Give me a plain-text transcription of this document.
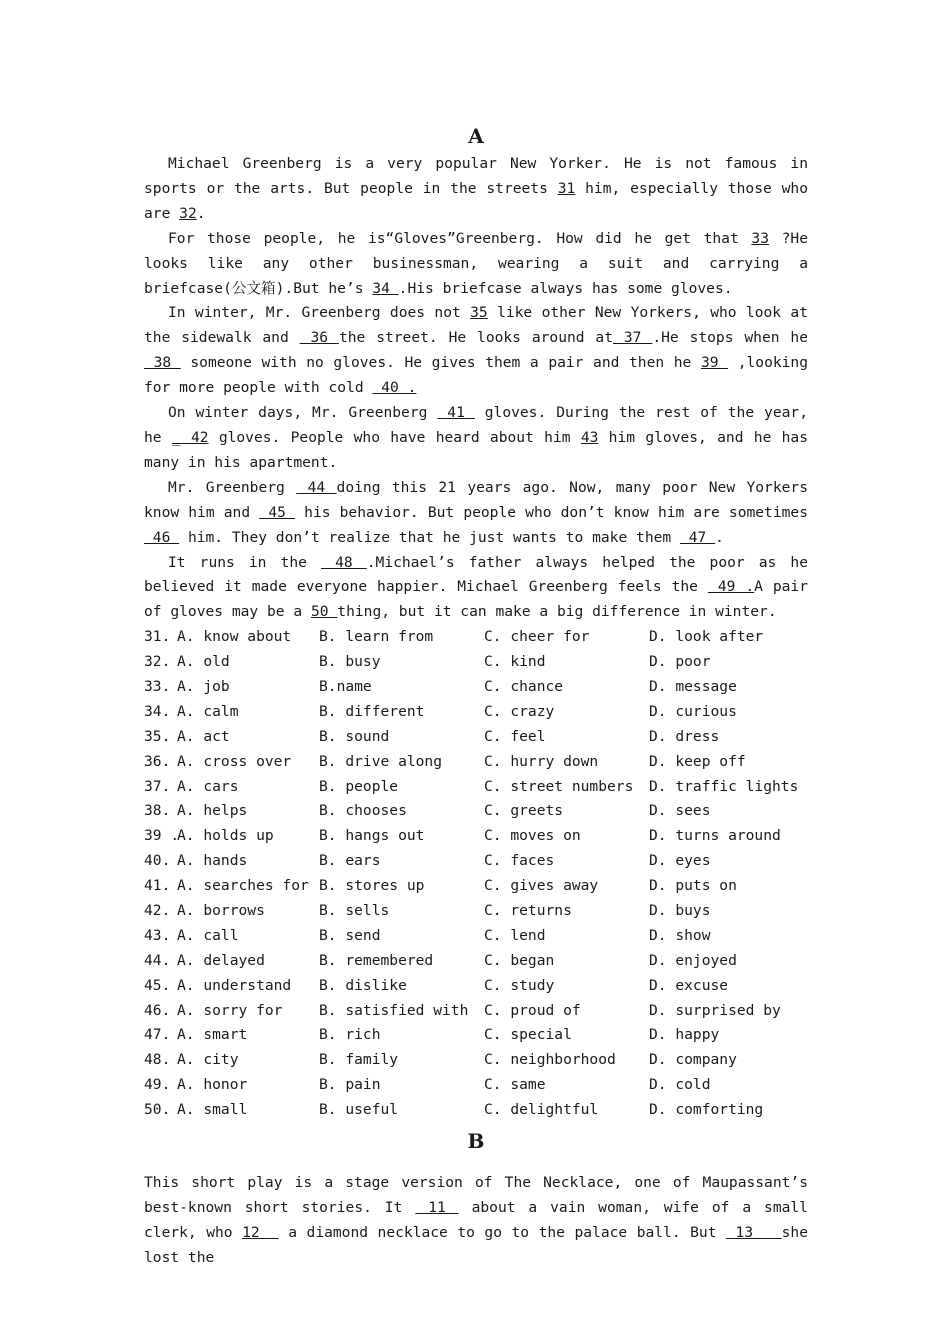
A

Michael Greenberg is a very popular New Yorker. He is not famous in sports or the arts. But people in the streets 31 him, especially those who are 32.

For those people, he is“Gloves”Greenberg. How did he get that 33 ?He looks like any other businessman, wearing a suit and carrying a briefcase(公文箱).But he’s 34 .His briefcase always has some gloves.

In winter, Mr. Greenberg does not 35 like other New Yorkers, who look at the sidewalk and  36 the street. He looks around at 37 .He stops when he  38  someone with no gloves. He gives them a pair and then he 39  ,looking for more people with cold  40 .

On winter days, Mr. Greenberg  41  gloves. During the rest of the year, he _ 42 gloves. People who have heard about him 43 him gloves, and he has many in his apartment.

Mr. Greenberg  44 doing this 21 years ago. Now, many poor New Yorkers know him and  45  his behavior. But people who don’t know him are sometimes 46  him. They don’t realize that he just wants to make them  47 .

It runs in the  48 .Michael’s father always helped the poor as he believed it made everyone happier. Michael Greenberg feels the  49 .A pair of gloves may be a 50 thing, but it can make a big difference in winter.

31. A. know about B. learn from	C. cheer for	D. look after
32. A. old	B. busy	C. kind	D. poor
33. A. job	B.name	C. chance	D. message
34. A. calm	B. different	C. crazy	D. curious
35. A. act	B. sound	C. feel	D. dress
36. A. cross over B. drive along	C. hurry down	D. keep off
37. A. cars	B. people	C. street numbers D. traffic lights
38. A. helps	B. chooses	C. greets	D. sees
39 .A. holds up	B. hangs out	C. moves on	D. turns around
40. A. hands	B. ears	C. faces	D. eyes
41. A. searches for B. stores up	C. gives away	D. puts on
42. A. borrows	B. sells	C. returns	D. buys
43. A. call	B. send	C. lend	D. show
44. A. delayed	B. remembered	C. began	D. enjoyed
45. A. understand B. dislike	C. study	D. excuse
46. A. sorry for	B. satisfied with C. proud of	D. surprised by
47. A. smart	B. rich	C. special	D. happy
48. A. city	B. family	C. neighborhood D. company
49. A. honor	B. pain	C. same	D. cold
50. A. small	B. useful	C. delightful	D. comforting
B

This short play is a stage version of The Necklace, one of Maupassant’s best-known short stories. It  11  about a vain woman, wife of a small clerk, who 12   a diamond necklace to go to the palace ball. But  13   she lost the
